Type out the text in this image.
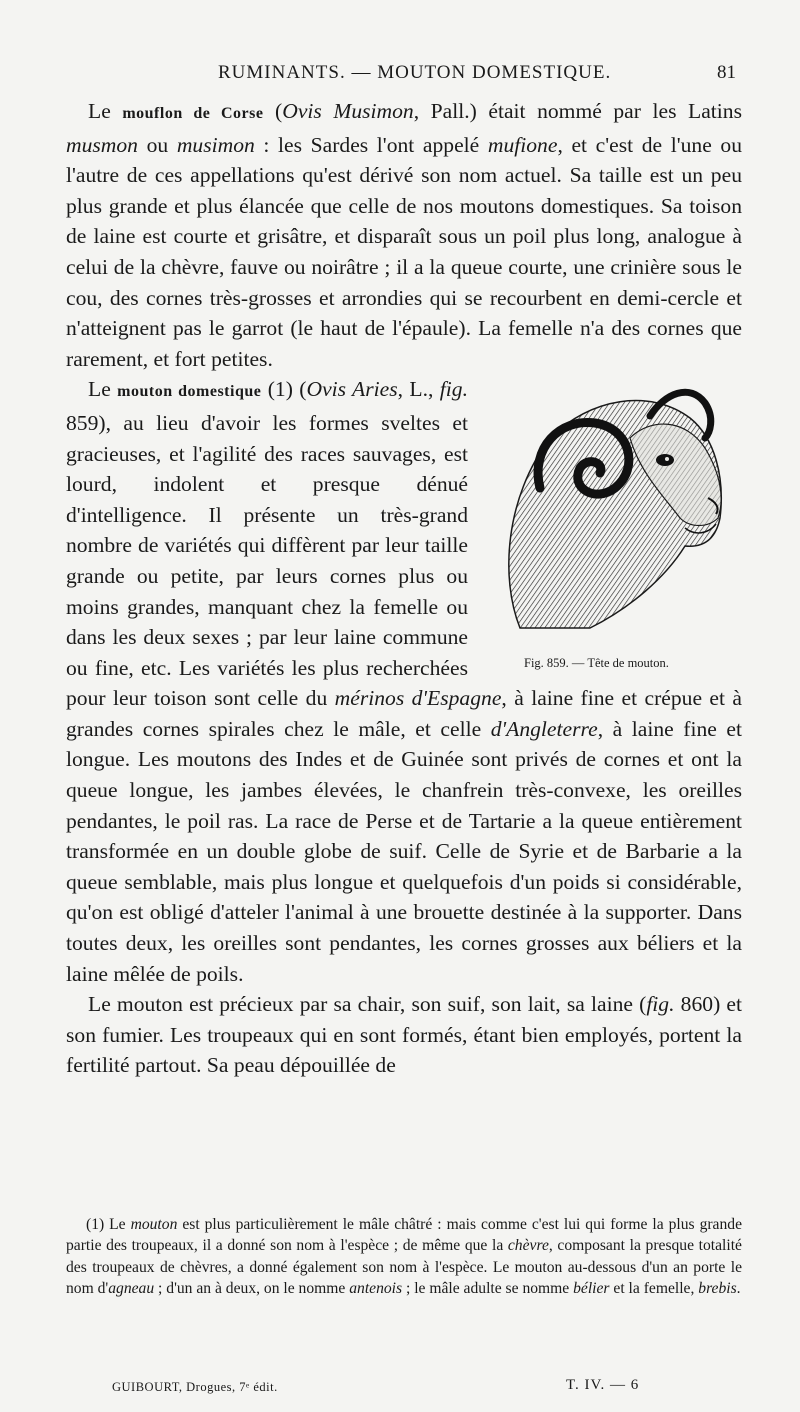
RUMINANTS. — MOUTON DOMESTIQUE.	81

Le mouflon de Corse (Ovis Musimon, Pall.) était nommé par les Latins musmon ou musimon : les Sardes l'ont appelé mufione, et c'est de l'une ou l'autre de ces appellations qu'est dérivé son nom actuel. Sa taille est un peu plus grande et plus élancée que celle de nos moutons domestiques. Sa toison de laine est courte et grisâtre, et disparaît sous un poil plus long, analogue à celui de la chèvre, fauve ou noirâtre ; il a la queue courte, une crinière sous le cou, des cornes très-grosses et arrondies qui se recourbent en demi-cercle et n'atteignent pas le garrot (le haut de l'épaule). La femelle n'a des cornes que rarement, et fort petites.

Le mouton domestique (1) (Ovis Aries, L., fig.
Fig. 859. — Tête de mouton.
859), au lieu d'avoir les formes sveltes et gracieuses, et l'agilité des races sauvages, est lourd, indolent et presque dénué d'intelligence. Il présente un très-grand nombre de variétés qui diffèrent par leur taille grande ou petite, par leurs cornes plus ou moins grandes, manquant chez la femelle ou dans les deux sexes ; par leur laine commune ou fine, etc. Les variétés les plus recherchées pour leur toison sont celle du mérinos d'Espagne, à laine fine et crépue et à grandes cornes spirales chez le mâle, et celle d'Angleterre, à laine fine et longue. Les moutons des Indes et de Guinée sont privés de cornes et ont la queue longue, les jambes élevées, le chanfrein très-convexe, les oreilles pendantes, le poil ras. La race de Perse et de Tartarie a la queue entièrement transformée en un double globe de suif. Celle de Syrie et de Barbarie a la queue semblable, mais plus longue et quelquefois d'un poids si considérable, qu'on est obligé d'atteler l'animal à une brouette destinée à la supporter. Dans toutes deux, les oreilles sont pendantes, les cornes grosses aux béliers et la laine mêlée de poils.

Le mouton est précieux par sa chair, son suif, son lait, sa laine (fig. 860) et son fumier. Les troupeaux qui en sont formés, étant bien employés, portent la fertilité partout. Sa peau dépouillée de

(1) Le mouton est plus particulièrement le mâle châtré : mais comme c'est lui qui forme la plus grande partie des troupeaux, il a donné son nom à l'espèce ; de même que la chèvre, composant la presque totalité des troupeaux de chèvres, a donné également son nom à l'espèce. Le mouton au-dessous d'un an porte le nom d'agneau ; d'un an à deux, on le nomme antenois ; le mâle adulte se nomme bélier et la femelle, brebis.

GUIBOURT, Drogues, 7ᵉ édit.	T. IV. — 6
